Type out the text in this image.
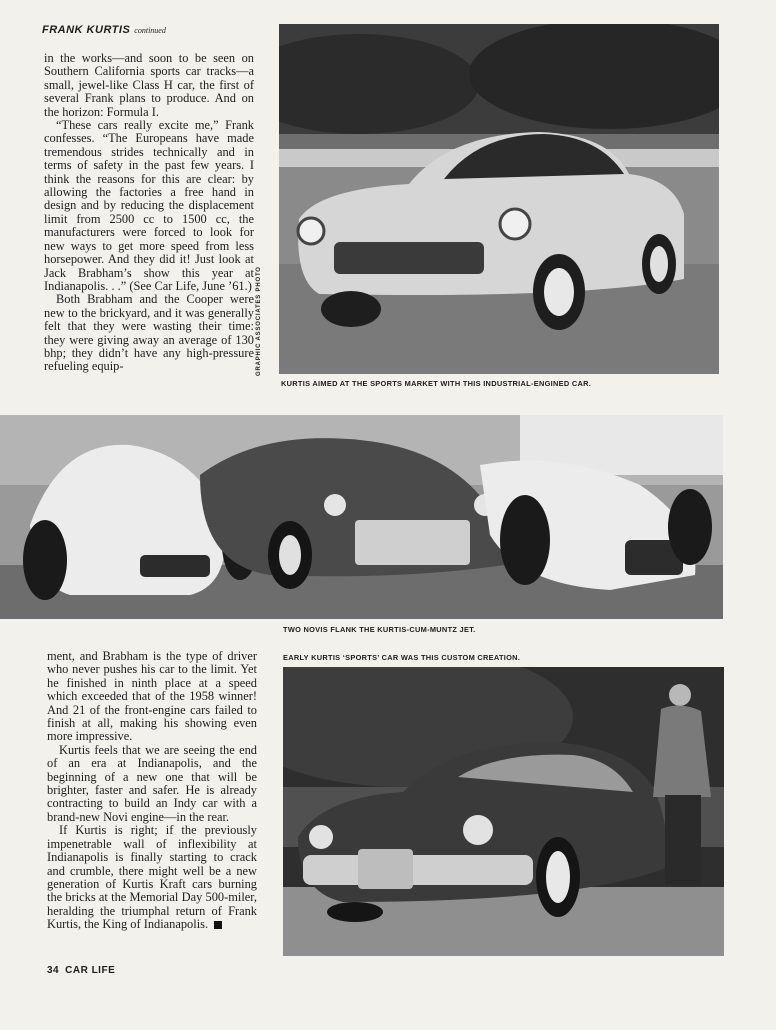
FRANK KURTIS continued

in the works—and soon to be seen on Southern California sports car tracks—a small, jewel-like Class H car, the first of several Frank plans to produce. And on the horizon: Formula I.

“These cars really excite me,” Frank confesses. “The Europeans have made tremendous strides technically and in terms of safety in the past few years. I think the reasons for this are clear: by allowing the factories a free hand in design and by reducing the displacement limit from 2500 cc to 1500 cc, the manufacturers were forced to look for new ways to get more speed from less horsepower. And they did it! Just look at Jack Brabham’s show this year at Indianapolis. . .” (See Car Life, June ’61.)

Both Brabham and the Cooper were new to the brickyard, and it was generally felt that they were wasting their time: they were giving away an average of 130 bhp; they didn’t have any high-pressure refueling equip-	GRAPHIC ASSOCIATES PHOTO
KURTIS AIMED AT THE SPORTS MARKET WITH THIS INDUSTRIAL-ENGINED CAR.
TWO NOVIS FLANK THE KURTIS-CUM-MUNTZ JET.
EARLY KURTIS ‘SPORTS’ CAR WAS THIS CUSTOM CREATION.

ment, and Brabham is the type of driver who never pushes his car to the limit. Yet he finished in ninth place at a speed which exceeded that of the 1958 winner! And 21 of the front-engine cars failed to finish at all, making his showing even more impressive.

Kurtis feels that we are seeing the end of an era at Indianapolis, and the beginning of a new one that will be brighter, faster and safer. He is already contracting to build an Indy car with a brand-new Novi engine—in the rear.

If Kurtis is right; if the previously impenetrable wall of inflexibility at Indianapolis is finally starting to crack and crumble, there might well be a new generation of Kurtis Kraft cars burning the bricks at the Memorial Day 500-miler, heralding the triumphal return of Frank Kurtis, the King of Indianapolis.

34 CAR LIFE
